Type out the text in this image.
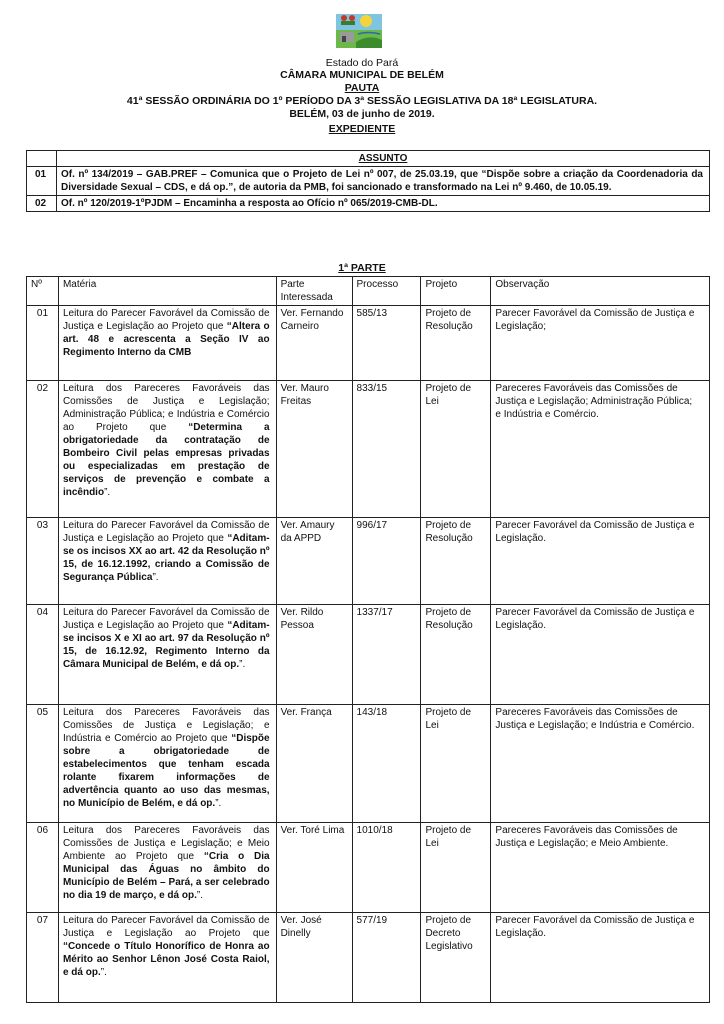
Estado do Pará
CÂMARA MUNICIPAL DE BELÉM
PAUTA
41ª SESSÃO ORDINÁRIA DO 1º PERÍODO DA 3ª SESSÃO LEGISLATIVA DA 18ª LEGISLATURA.
BELÉM, 03 de junho de 2019.
EXPEDIENTE
	ASSUNTO
01	Of. nº 134/2019 – GAB.PREF – Comunica que o Projeto de Lei nº 007, de 25.03.19, que “Dispõe sobre a criação da Coordenadoria da Diversidade Sexual – CDS, e dá op.”, de autoria da PMB, foi sancionado e transformado na Lei nº 9.460, de 10.05.19.
02	Of. nº 120/2019-1ºPJDM – Encaminha a resposta ao Ofício nº 065/2019-CMB-DL.
1ª PARTE
Nº	Matéria	Parte Interessada	Processo	Projeto	Observação
01	Leitura do Parecer Favorável da Comissão de Justiça e Legislação ao Projeto que “Altera o art. 48 e acrescenta a Seção IV ao Regimento Interno da CMB	Ver. Fernando Carneiro	585/13	Projeto de Resolução	Parecer Favorável da Comissão de Justiça e Legislação;
02	Leitura dos Pareceres Favoráveis das Comissões de Justiça e Legislação; Administração Pública; e Indústria e Comércio ao Projeto que “Determina a obrigatoriedade da contratação de Bombeiro Civil pelas empresas privadas ou especializadas em prestação de serviços de prevenção e combate a incêndio”.	Ver. Mauro Freitas	833/15	Projeto de Lei	Pareceres Favoráveis das Comissões de Justiça e Legislação; Administração Pública; e Indústria e Comércio.
03	Leitura do Parecer Favorável da Comissão de Justiça e Legislação ao Projeto que “Aditam-se os incisos XX ao art. 42 da Resolução nº 15, de 16.12.1992, criando a Comissão de Segurança Pública”.	Ver. Amaury da APPD	996/17	Projeto de Resolução	Parecer Favorável da Comissão de Justiça e Legislação.
04	Leitura do Parecer Favorável da Comissão de Justiça e Legislação ao Projeto que “Aditam-se incisos X e XI ao art. 97 da Resolução nº 15, de 16.12.92, Regimento Interno da Câmara Municipal de Belém, e dá op.”.	Ver. Rildo Pessoa	1337/17	Projeto de Resolução	Parecer Favorável da Comissão de Justiça e Legislação.
05	Leitura dos Pareceres Favoráveis das Comissões de Justiça e Legislação; e Indústria e Comércio ao Projeto que “Dispõe sobre a obrigatoriedade de estabelecimentos que tenham escada rolante fixarem informações de advertência quanto ao uso das mesmas, no Município de Belém, e dá op.”.	Ver. França	143/18	Projeto de Lei	Pareceres Favoráveis das Comissões de Justiça e Legislação; e Indústria e Comércio.
06	Leitura dos Pareceres Favoráveis das Comissões de Justiça e Legislação; e Meio Ambiente ao Projeto que “Cria o Dia Municipal das Águas no âmbito do Município de Belém – Pará, a ser celebrado no dia 19 de março, e dá op.”.	Ver. Toré Lima	1010/18	Projeto de Lei	Pareceres Favoráveis das Comissões de Justiça e Legislação; e Meio Ambiente.
07	Leitura do Parecer Favorável da Comissão de Justiça e Legislação ao Projeto que “Concede o Título Honorífico de Honra ao Mérito ao Senhor Lênon José Costa Raiol, e dá op.”.	Ver. José Dinelly	577/19	Projeto de Decreto Legislativo	Parecer Favorável da Comissão de Justiça e Legislação.
